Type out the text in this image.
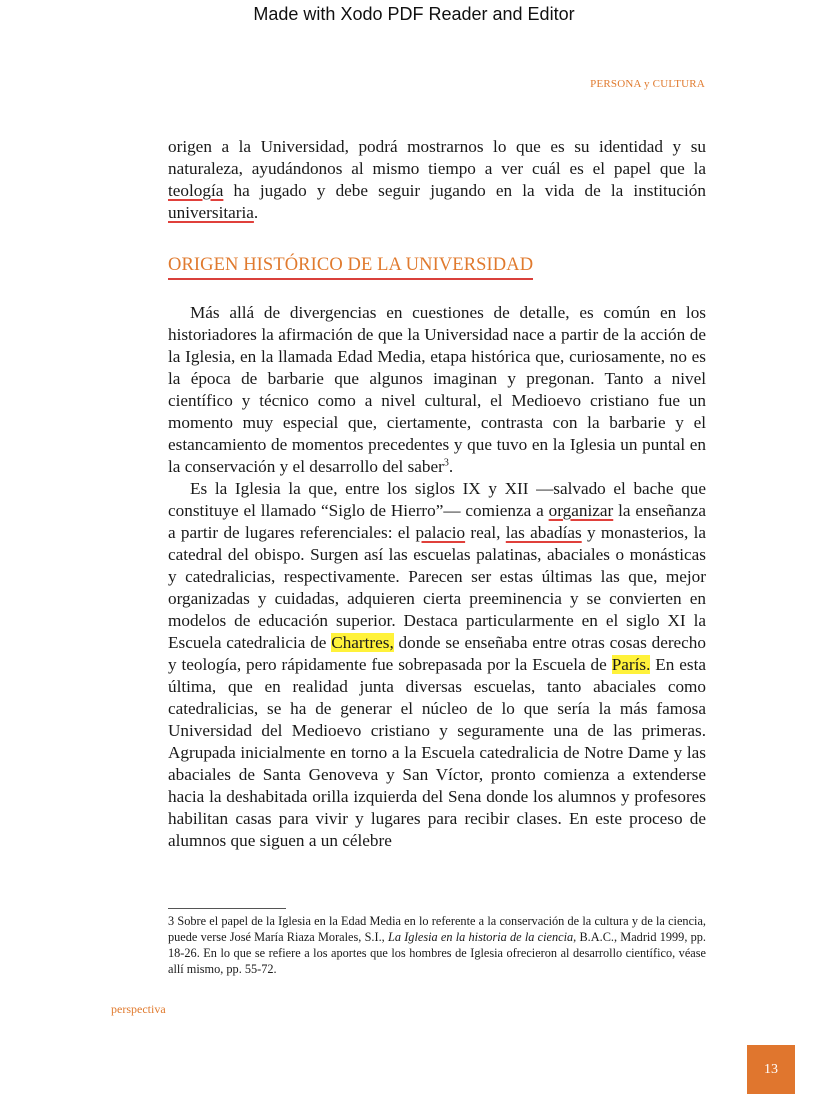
Made with Xodo PDF Reader and Editor
PERSONA y CULTURA

origen a la Universidad, podrá mostrarnos lo que es su identidad y su naturaleza, ayudándonos al mismo tiempo a ver cuál es el papel que la teología ha jugado y debe seguir jugando en la vida de la institución universitaria.

ORIGEN HISTÓRICO DE LA UNIVERSIDAD

Más allá de divergencias en cuestiones de detalle, es común en los historiadores la afirmación de que la Universidad nace a partir de la acción de la Iglesia, en la llamada Edad Media, etapa histórica que, curiosamente, no es la época de barbarie que algunos imaginan y pregonan. Tanto a nivel científico y técnico como a nivel cultural, el Medioevo cristiano fue un momento muy especial que, ciertamente, contrasta con la barbarie y el estancamiento de momentos precedentes y que tuvo en la Iglesia un puntal en la conservación y el desarrollo del saber$^3$.

Es la Iglesia la que, entre los siglos IX y XII —salvado el bache que constituye el llamado “Siglo de Hierro”— comienza a organizar la enseñanza a partir de lugares referenciales: el palacio real, las abadías y monasterios, la catedral del obispo. Surgen así las escuelas palatinas, abaciales o monásticas y catedralicias, respectivamente. Parecen ser estas últimas las que, mejor organizadas y cuidadas, adquieren cierta preeminencia y se convierten en modelos de educación superior. Destaca particularmente en el siglo XI la Escuela catedralicia de Chartres, donde se enseñaba entre otras cosas derecho y teología, pero rápidamente fue sobrepasada por la Escuela de París. En esta última, que en realidad junta diversas escuelas, tanto abaciales como catedralicias, se ha de generar el núcleo de lo que sería la más famosa Universidad del Medioevo cristiano y seguramente una de las primeras. Agrupada inicialmente en torno a la Escuela catedralicia de Notre Dame y las abaciales de Santa Genoveva y San Víctor, pronto comienza a extenderse hacia la deshabitada orilla izquierda del Sena donde los alumnos y profesores habilitan casas para vivir y lugares para recibir clases. En este proceso de alumnos que siguen a un célebre

3 Sobre el papel de la Iglesia en la Edad Media en lo referente a la conservación de la cultura y de la ciencia, puede verse José María Riaza Morales, S.I., La Iglesia en la historia de la ciencia, B.A.C., Madrid 1999, pp. 18-26. En lo que se refiere a los aportes que los hombres de Iglesia ofrecieron al desarrollo científico, véase allí mismo, pp. 55-72.
perspectiva
13
